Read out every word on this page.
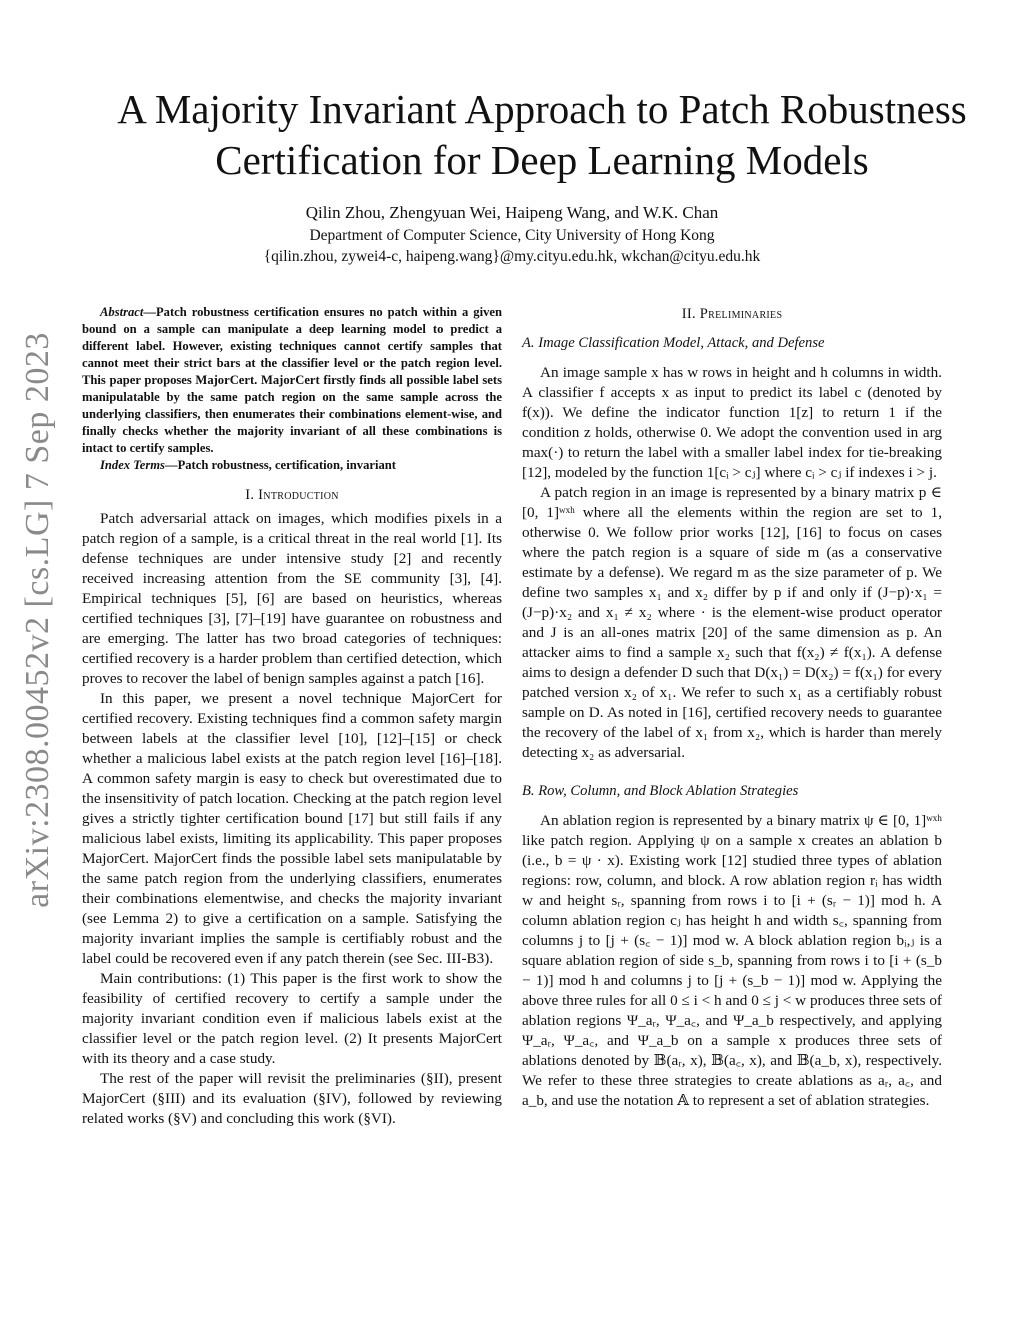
arXiv:2308.00452v2 [cs.LG] 7 Sep 2023
A Majority Invariant Approach to Patch Robustness
Certification for Deep Learning Models
Qilin Zhou, Zhengyuan Wei, Haipeng Wang, and W.K. Chan
Department of Computer Science, City University of Hong Kong
{qilin.zhou, zywei4-c, haipeng.wang}@my.cityu.edu.hk, wkchan@cityu.edu.hk
Abstract—Patch robustness certification ensures no patch within a given bound on a sample can manipulate a deep learning model to predict a different label. However, existing techniques cannot certify samples that cannot meet their strict bars at the classifier level or the patch region level. This paper proposes MajorCert. MajorCert firstly finds all possible label sets manipulatable by the same patch region on the same sample across the underlying classifiers, then enumerates their combinations element-wise, and finally checks whether the majority invariant of all these combinations is intact to certify samples.
Index Terms—Patch robustness, certification, invariant
I. Introduction

Patch adversarial attack on images, which modifies pixels in a patch region of a sample, is a critical threat in the real world [1]. Its defense techniques are under intensive study [2] and recently received increasing attention from the SE community [3], [4]. Empirical techniques [5], [6] are based on heuristics, whereas certified techniques [3], [7]–[19] have guarantee on robustness and are emerging. The latter has two broad categories of techniques: certified recovery is a harder problem than certified detection, which proves to recover the label of benign samples against a patch [16].

In this paper, we present a novel technique MajorCert for certified recovery. Existing techniques find a common safety margin between labels at the classifier level [10], [12]–[15] or check whether a malicious label exists at the patch region level [16]–[18]. A common safety margin is easy to check but overestimated due to the insensitivity of patch location. Checking at the patch region level gives a strictly tighter certification bound [17] but still fails if any malicious label exists, limiting its applicability. This paper proposes MajorCert. MajorCert finds the possible label sets manipulatable by the same patch region from the underlying classifiers, enumerates their combinations elementwise, and checks the majority invariant (see Lemma 2) to give a certification on a sample. Satisfying the majority invariant implies the sample is certifiably robust and the label could be recovered even if any patch therein (see Sec. III-B3).

Main contributions: (1) This paper is the first work to show the feasibility of certified recovery to certify a sample under the majority invariant condition even if malicious labels exist at the classifier level or the patch region level. (2) It presents MajorCert with its theory and a case study.

The rest of the paper will revisit the preliminaries (§II), present MajorCert (§III) and its evaluation (§IV), followed by reviewing related works (§V) and concluding this work (§VI).

II. Preliminaries
A. Image Classification Model, Attack, and Defense

An image sample x has w rows in height and h columns in width. A classifier f accepts x as input to predict its label c (denoted by f(x)). We define the indicator function 1[z] to return 1 if the condition z holds, otherwise 0. We adopt the convention used in arg max(·) to return the label with a smaller label index for tie-breaking [12], modeled by the function 1[cᵢ > cⱼ] where cᵢ > cⱼ if indexes i > j.

A patch region in an image is represented by a binary matrix p ∈ [0, 1]ʷˣʰ where all the elements within the region are set to 1, otherwise 0. We follow prior works [12], [16] to focus on cases where the patch region is a square of side m (as a conservative estimate by a defense). We regard m as the size parameter of p. We define two samples x₁ and x₂ differ by p if and only if (J−p)·x₁ = (J−p)·x₂ and x₁ ≠ x₂ where · is the element-wise product operator and J is an all-ones matrix [20] of the same dimension as p. An attacker aims to find a sample x₂ such that f(x₂) ≠ f(x₁). A defense aims to design a defender D such that D(x₁) = D(x₂) = f(x₁) for every patched version x₂ of x₁. We refer to such x₁ as a certifiably robust sample on D. As noted in [16], certified recovery needs to guarantee the recovery of the label of x₁ from x₂, which is harder than merely detecting x₂ as adversarial.

B. Row, Column, and Block Ablation Strategies

An ablation region is represented by a binary matrix ψ ∈ [0, 1]ʷˣʰ like patch region. Applying ψ on a sample x creates an ablation b (i.e., b = ψ · x). Existing work [12] studied three types of ablation regions: row, column, and block. A row ablation region rᵢ has width w and height sᵣ, spanning from rows i to [i + (sᵣ − 1)] mod h. A column ablation region cⱼ has height h and width s꜀, spanning from columns j to [j + (s꜀ − 1)] mod w. A block ablation region bᵢ,ⱼ is a square ablation region of side s_b, spanning from rows i to [i + (s_b − 1)] mod h and columns j to [j + (s_b − 1)] mod w. Applying the above three rules for all 0 ≤ i < h and 0 ≤ j < w produces three sets of ablation regions Ψ_aᵣ, Ψ_a꜀, and Ψ_a_b respectively, and applying Ψ_aᵣ, Ψ_a꜀, and Ψ_a_b on a sample x produces three sets of ablations denoted by 𝔹(aᵣ, x), 𝔹(a꜀, x), and 𝔹(a_b, x), respectively. We refer to these three strategies to create ablations as aᵣ, a꜀, and a_b, and use the notation 𝔸 to represent a set of ablation strategies.
